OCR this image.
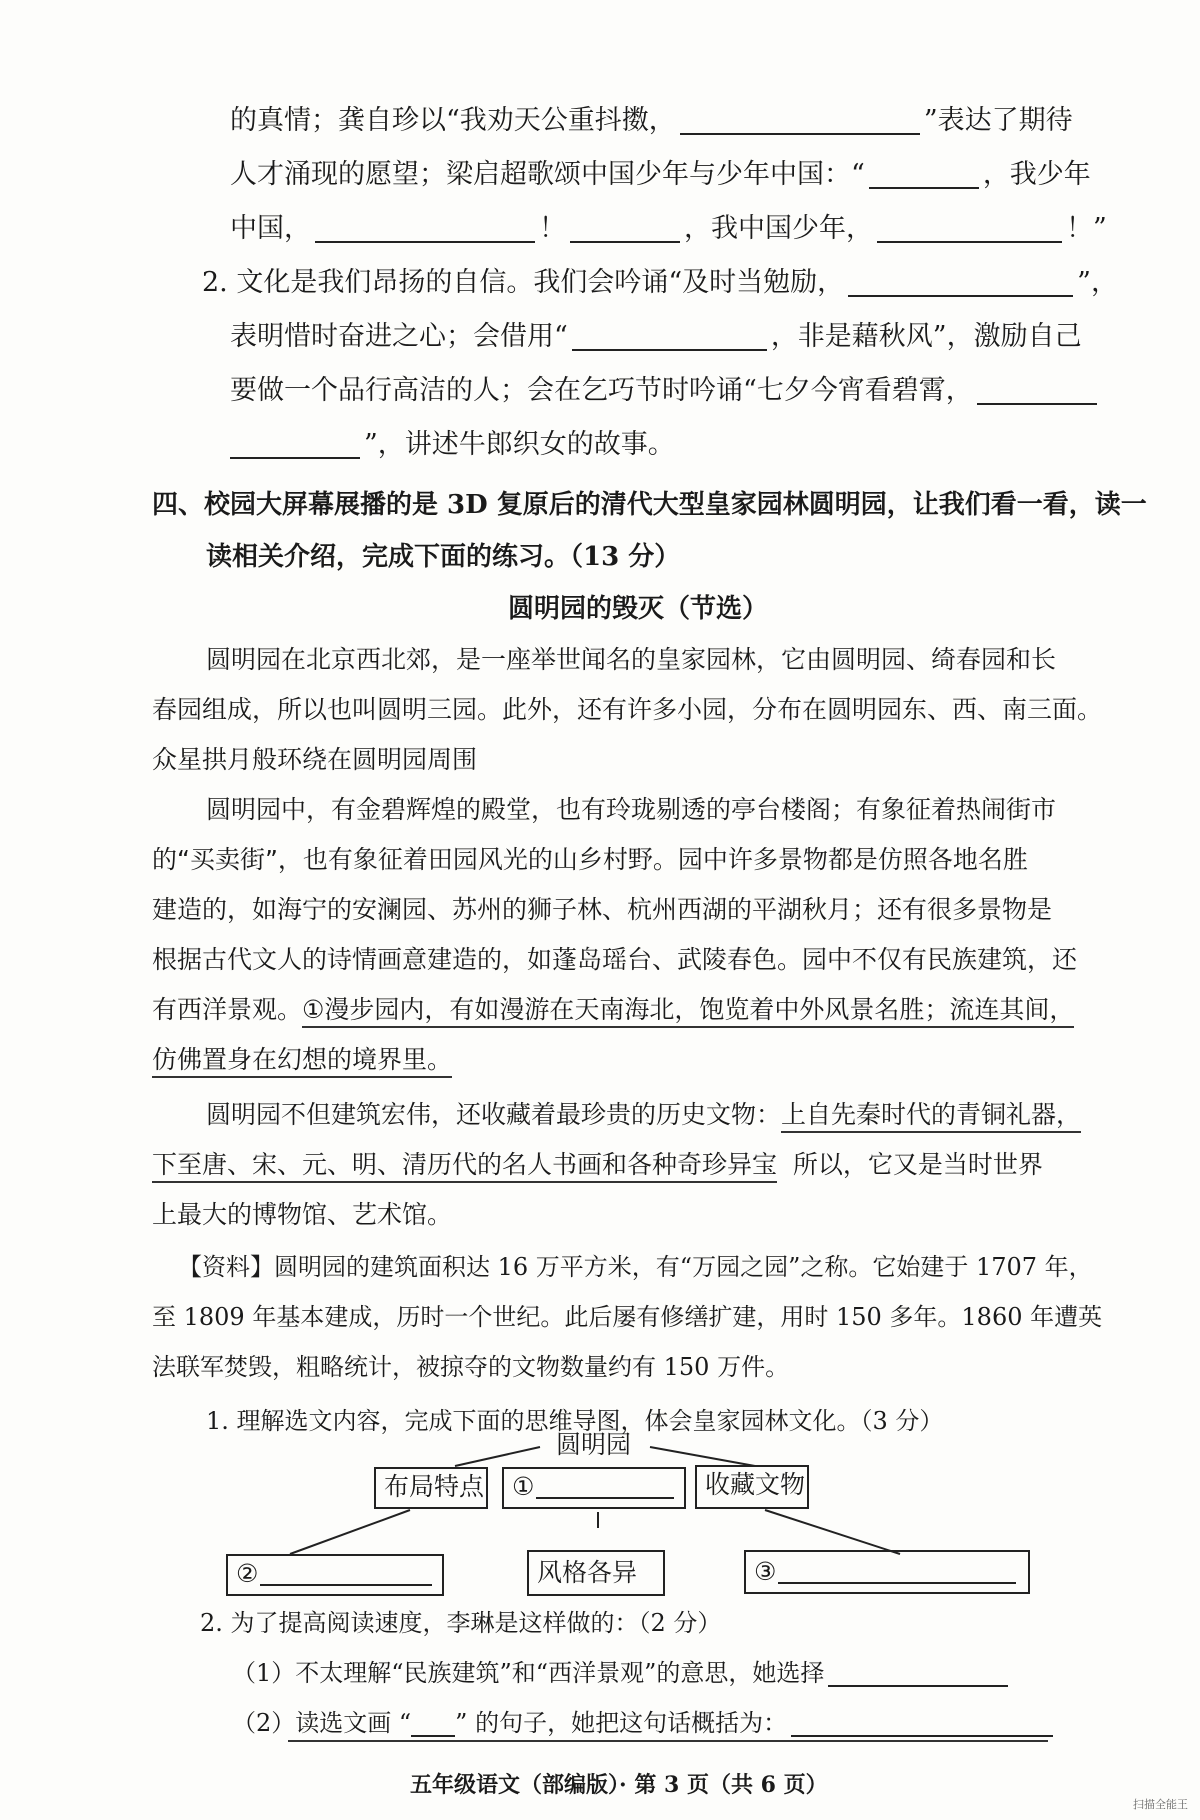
的真情；龚自珍以“我劝天公重抖擞，	”表达了期待
人才涌现的愿望；梁启超歌颂中国少年与少年中国：“	，我少年
中国，	！	，我中国少年，	！”
2. 文化是我们昂扬的自信。我们会吟诵“及时当勉励，	”，
表明惜时奋进之心；会借用“	，非是藉秋风”，激励自己
要做一个品行高洁的人；会在乞巧节时吟诵“七夕今宵看碧霄，
”，讲述牛郎织女的故事。
四、校园大屏幕展播的是 3D 复原后的清代大型皇家园林圆明园，让我们看一看，读一
读相关介绍，完成下面的练习。（13 分）
圆明园的毁灭（节选）
圆明园在北京西北郊，是一座举世闻名的皇家园林，它由圆明园、绮春园和长
春园组成，所以也叫圆明三园。此外，还有许多小园，分布在圆明园东、西、南三面。
众星拱月般环绕在圆明园周围
圆明园中，有金碧辉煌的殿堂，也有玲珑剔透的亭台楼阁；有象征着热闹街市
的“买卖街”，也有象征着田园风光的山乡村野。园中许多景物都是仿照各地名胜
建造的，如海宁的安澜园、苏州的狮子林、杭州西湖的平湖秋月；还有很多景物是
根据古代文人的诗情画意建造的，如蓬岛瑶台、武陵春色。园中不仅有民族建筑，还
有西洋景观。①漫步园内，有如漫游在天南海北，饱览着中外风景名胜；流连其间，
仿佛置身在幻想的境界里。
圆明园不但建筑宏伟，还收藏着最珍贵的历史文物：上自先秦时代的青铜礼器，
下至唐、宋、元、明、清历代的名人书画和各种奇珍异宝 所以，它又是当时世界
上最大的博物馆、艺术馆。
【资料】圆明园的建筑面积达 16 万平方米，有“万园之园”之称。它始建于 1707 年，
至 1809 年基本建成，历时一个世纪。此后屡有修缮扩建，用时 150 多年。1860 年遭英
法联军焚毁，粗略统计，被掠夺的文物数量约有 150 万件。
1. 理解选文内容，完成下面的思维导图，体会皇家园林文化。（3 分）
圆明园
布局特点	①	收藏文物
②	风格各异	③
2. 为了提高阅读速度，李琳是这样做的：（2 分）
（1）不太理解“民族建筑”和“西洋景观”的意思，她选择
（2）读选文画 “ ” 的句子，她把这句话概括为：
五年级语文（部编版）· 第 3 页（共 6 页）
扫描全能王
